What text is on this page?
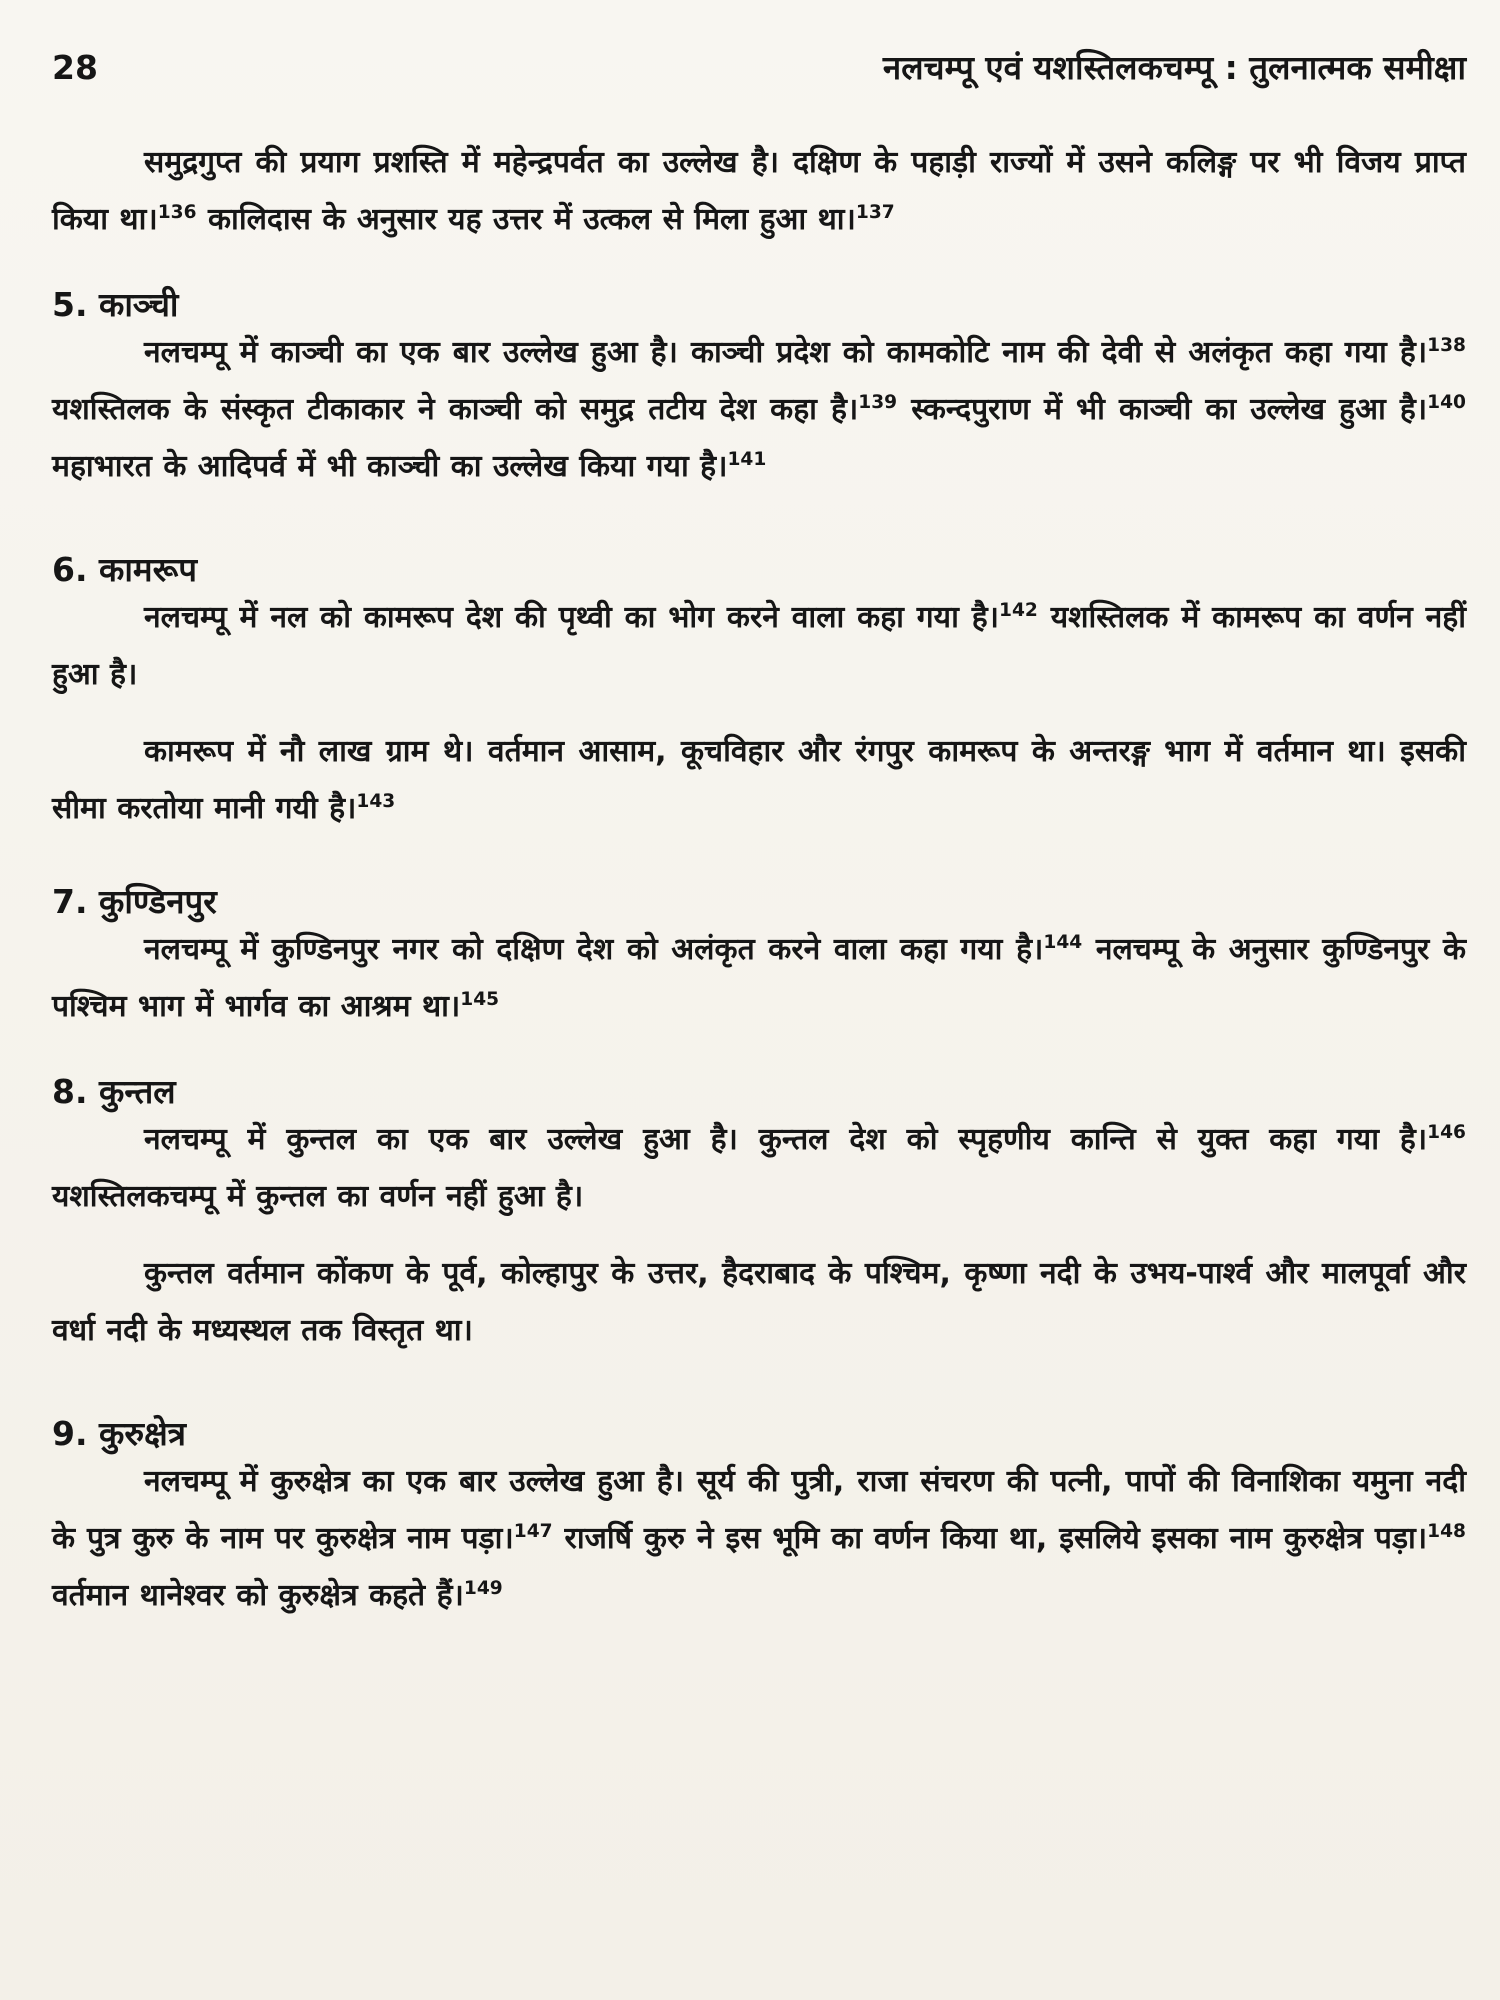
28	नलचम्पू एवं यशस्तिलकचम्पू : तुलनात्मक समीक्षा

समुद्रगुप्त की प्रयाग प्रशस्ति में महेन्द्रपर्वत का उल्लेख है। दक्षिण के पहाड़ी राज्यों में उसने कलिङ्ग पर भी विजय प्राप्त किया था।$^{136}$ कालिदास के अनुसार यह उत्तर में उत्कल से मिला हुआ था।$^{137}$

5. काञ्ची

नलचम्पू में काञ्ची का एक बार उल्लेख हुआ है। काञ्ची प्रदेश को कामकोटि नाम की देवी से अलंकृत कहा गया है।$^{138}$ यशस्तिलक के संस्कृत टीकाकार ने काञ्ची को समुद्र तटीय देश कहा है।$^{139}$ स्कन्दपुराण में भी काञ्ची का उल्लेख हुआ है।$^{140}$ महाभारत के आदिपर्व में भी काञ्ची का उल्लेख किया गया है।$^{141}$

6. कामरूप

नलचम्पू में नल को कामरूप देश की पृथ्वी का भोग करने वाला कहा गया है।$^{142}$ यशस्तिलक में कामरूप का वर्णन नहीं हुआ है।

कामरूप में नौ लाख ग्राम थे। वर्तमान आसाम, कूचविहार और रंगपुर कामरूप के अन्तरङ्ग भाग में वर्तमान था। इसकी सीमा करतोया मानी गयी है।$^{143}$

7. कुण्डिनपुर

नलचम्पू में कुण्डिनपुर नगर को दक्षिण देश को अलंकृत करने वाला कहा गया है।$^{144}$ नलचम्पू के अनुसार कुण्डिनपुर के पश्चिम भाग में भार्गव का आश्रम था।$^{145}$

8. कुन्तल

नलचम्पू में कुन्तल का एक बार उल्लेख हुआ है। कुन्तल देश को स्पृहणीय कान्ति से युक्त कहा गया है।$^{146}$ यशस्तिलकचम्पू में कुन्तल का वर्णन नहीं हुआ है।

कुन्तल वर्तमान कोंकण के पूर्व, कोल्हापुर के उत्तर, हैदराबाद के पश्चिम, कृष्णा नदी के उभय-पार्श्व और मालपूर्वा और वर्धा नदी के मध्यस्थल तक विस्तृत था।

9. कुरुक्षेत्र

नलचम्पू में कुरुक्षेत्र का एक बार उल्लेख हुआ है। सूर्य की पुत्री, राजा संचरण की पत्नी, पापों की विनाशिका यमुना नदी के पुत्र कुरु के नाम पर कुरुक्षेत्र नाम पड़ा।$^{147}$ राजर्षि कुरु ने इस भूमि का वर्णन किया था, इसलिये इसका नाम कुरुक्षेत्र पड़ा।$^{148}$ वर्तमान थानेश्वर को कुरुक्षेत्र कहते हैं।$^{149}$
